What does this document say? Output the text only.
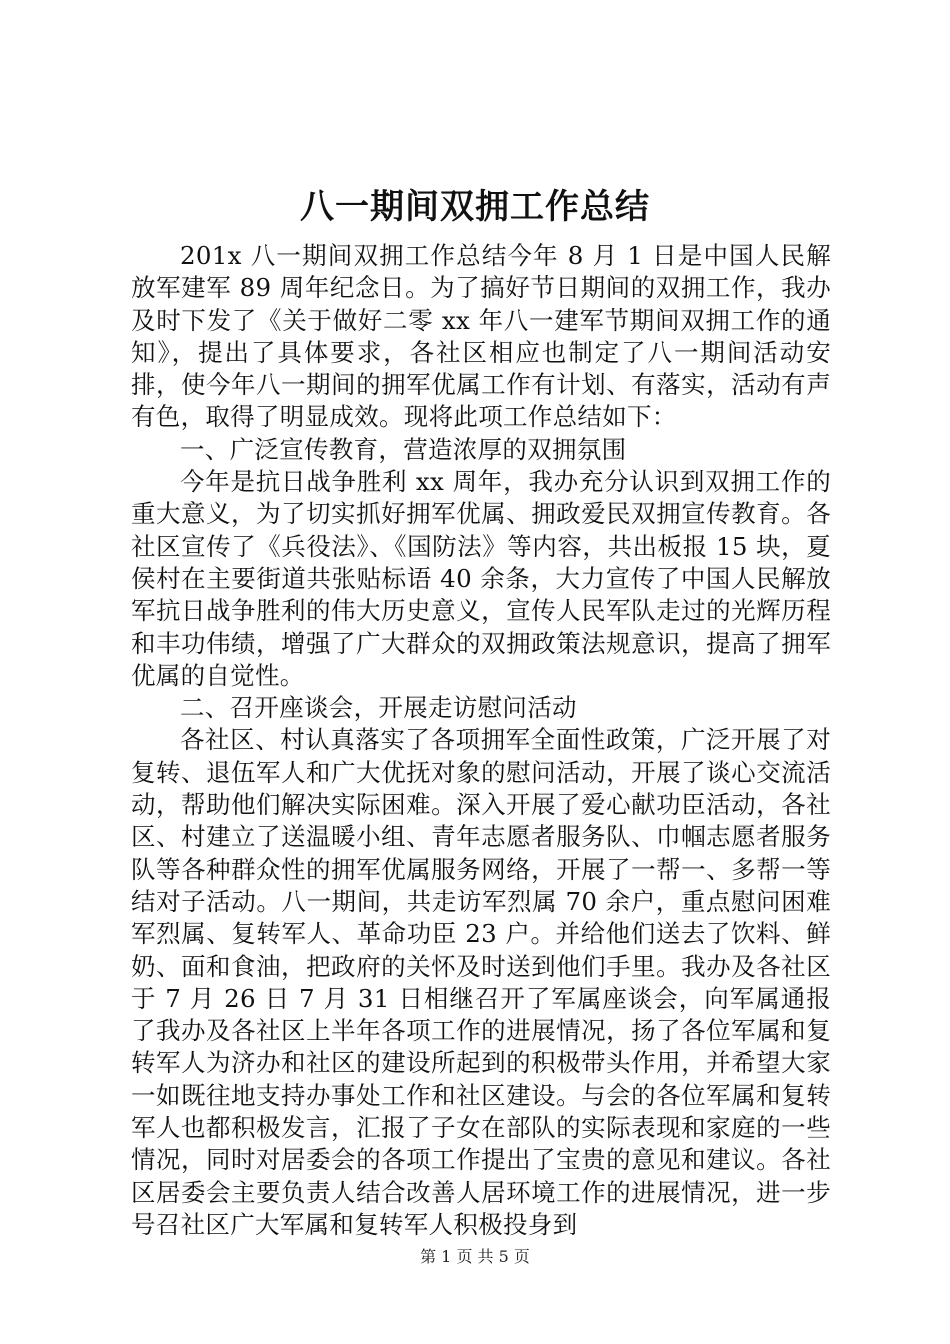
八一期间双拥工作总结

201x 八一期间双拥工作总结今年 8 月 1 日是中国人民解放军建军 89 周年纪念日。为了搞好节日期间的双拥工作，我办及时下发了《关于做好二零 xx 年八一建军节期间双拥工作的通知》，提出了具体要求，各社区相应也制定了八一期间活动安排，使今年八一期间的拥军优属工作有计划、有落实，活动有声有色，取得了明显成效。现将此项工作总结如下：

一、广泛宣传教育，营造浓厚的双拥氛围

今年是抗日战争胜利 xx 周年，我办充分认识到双拥工作的重大意义，为了切实抓好拥军优属、拥政爱民双拥宣传教育。各社区宣传了《兵役法》、《国防法》等内容，共出板报 15 块，夏侯村在主要街道共张贴标语 40 余条，大力宣传了中国人民解放军抗日战争胜利的伟大历史意义，宣传人民军队走过的光辉历程和丰功伟绩，增强了广大群众的双拥政策法规意识，提高了拥军优属的自觉性。

二、召开座谈会，开展走访慰问活动

各社区、村认真落实了各项拥军全面性政策，广泛开展了对复转、退伍军人和广大优抚对象的慰问活动，开展了谈心交流活动，帮助他们解决实际困难。深入开展了爱心献功臣活动，各社区、村建立了送温暖小组、青年志愿者服务队、巾帼志愿者服务队等各种群众性的拥军优属服务网络，开展了一帮一、多帮一等结对子活动。八一期间，共走访军烈属 70 余户，重点慰问困难军烈属、复转军人、革命功臣 23 户。并给他们送去了饮料、鲜奶、面和食油，把政府的关怀及时送到他们手里。我办及各社区于 7 月 26 日 7 月 31 日相继召开了军属座谈会，向军属通报了我办及各社区上半年各项工作的进展情况，扬了各位军属和复转军人为济办和社区的建设所起到的积极带头作用，并希望大家一如既往地支持办事处工作和社区建设。与会的各位军属和复转军人也都积极发言，汇报了子女在部队的实际表现和家庭的一些情况，同时对居委会的各项工作提出了宝贵的意见和建议。各社区居委会主要负责人结合改善人居环境工作的进展情况，进一步号召社区广大军属和复转军人积极投身到

第 1 页 共 5 页
